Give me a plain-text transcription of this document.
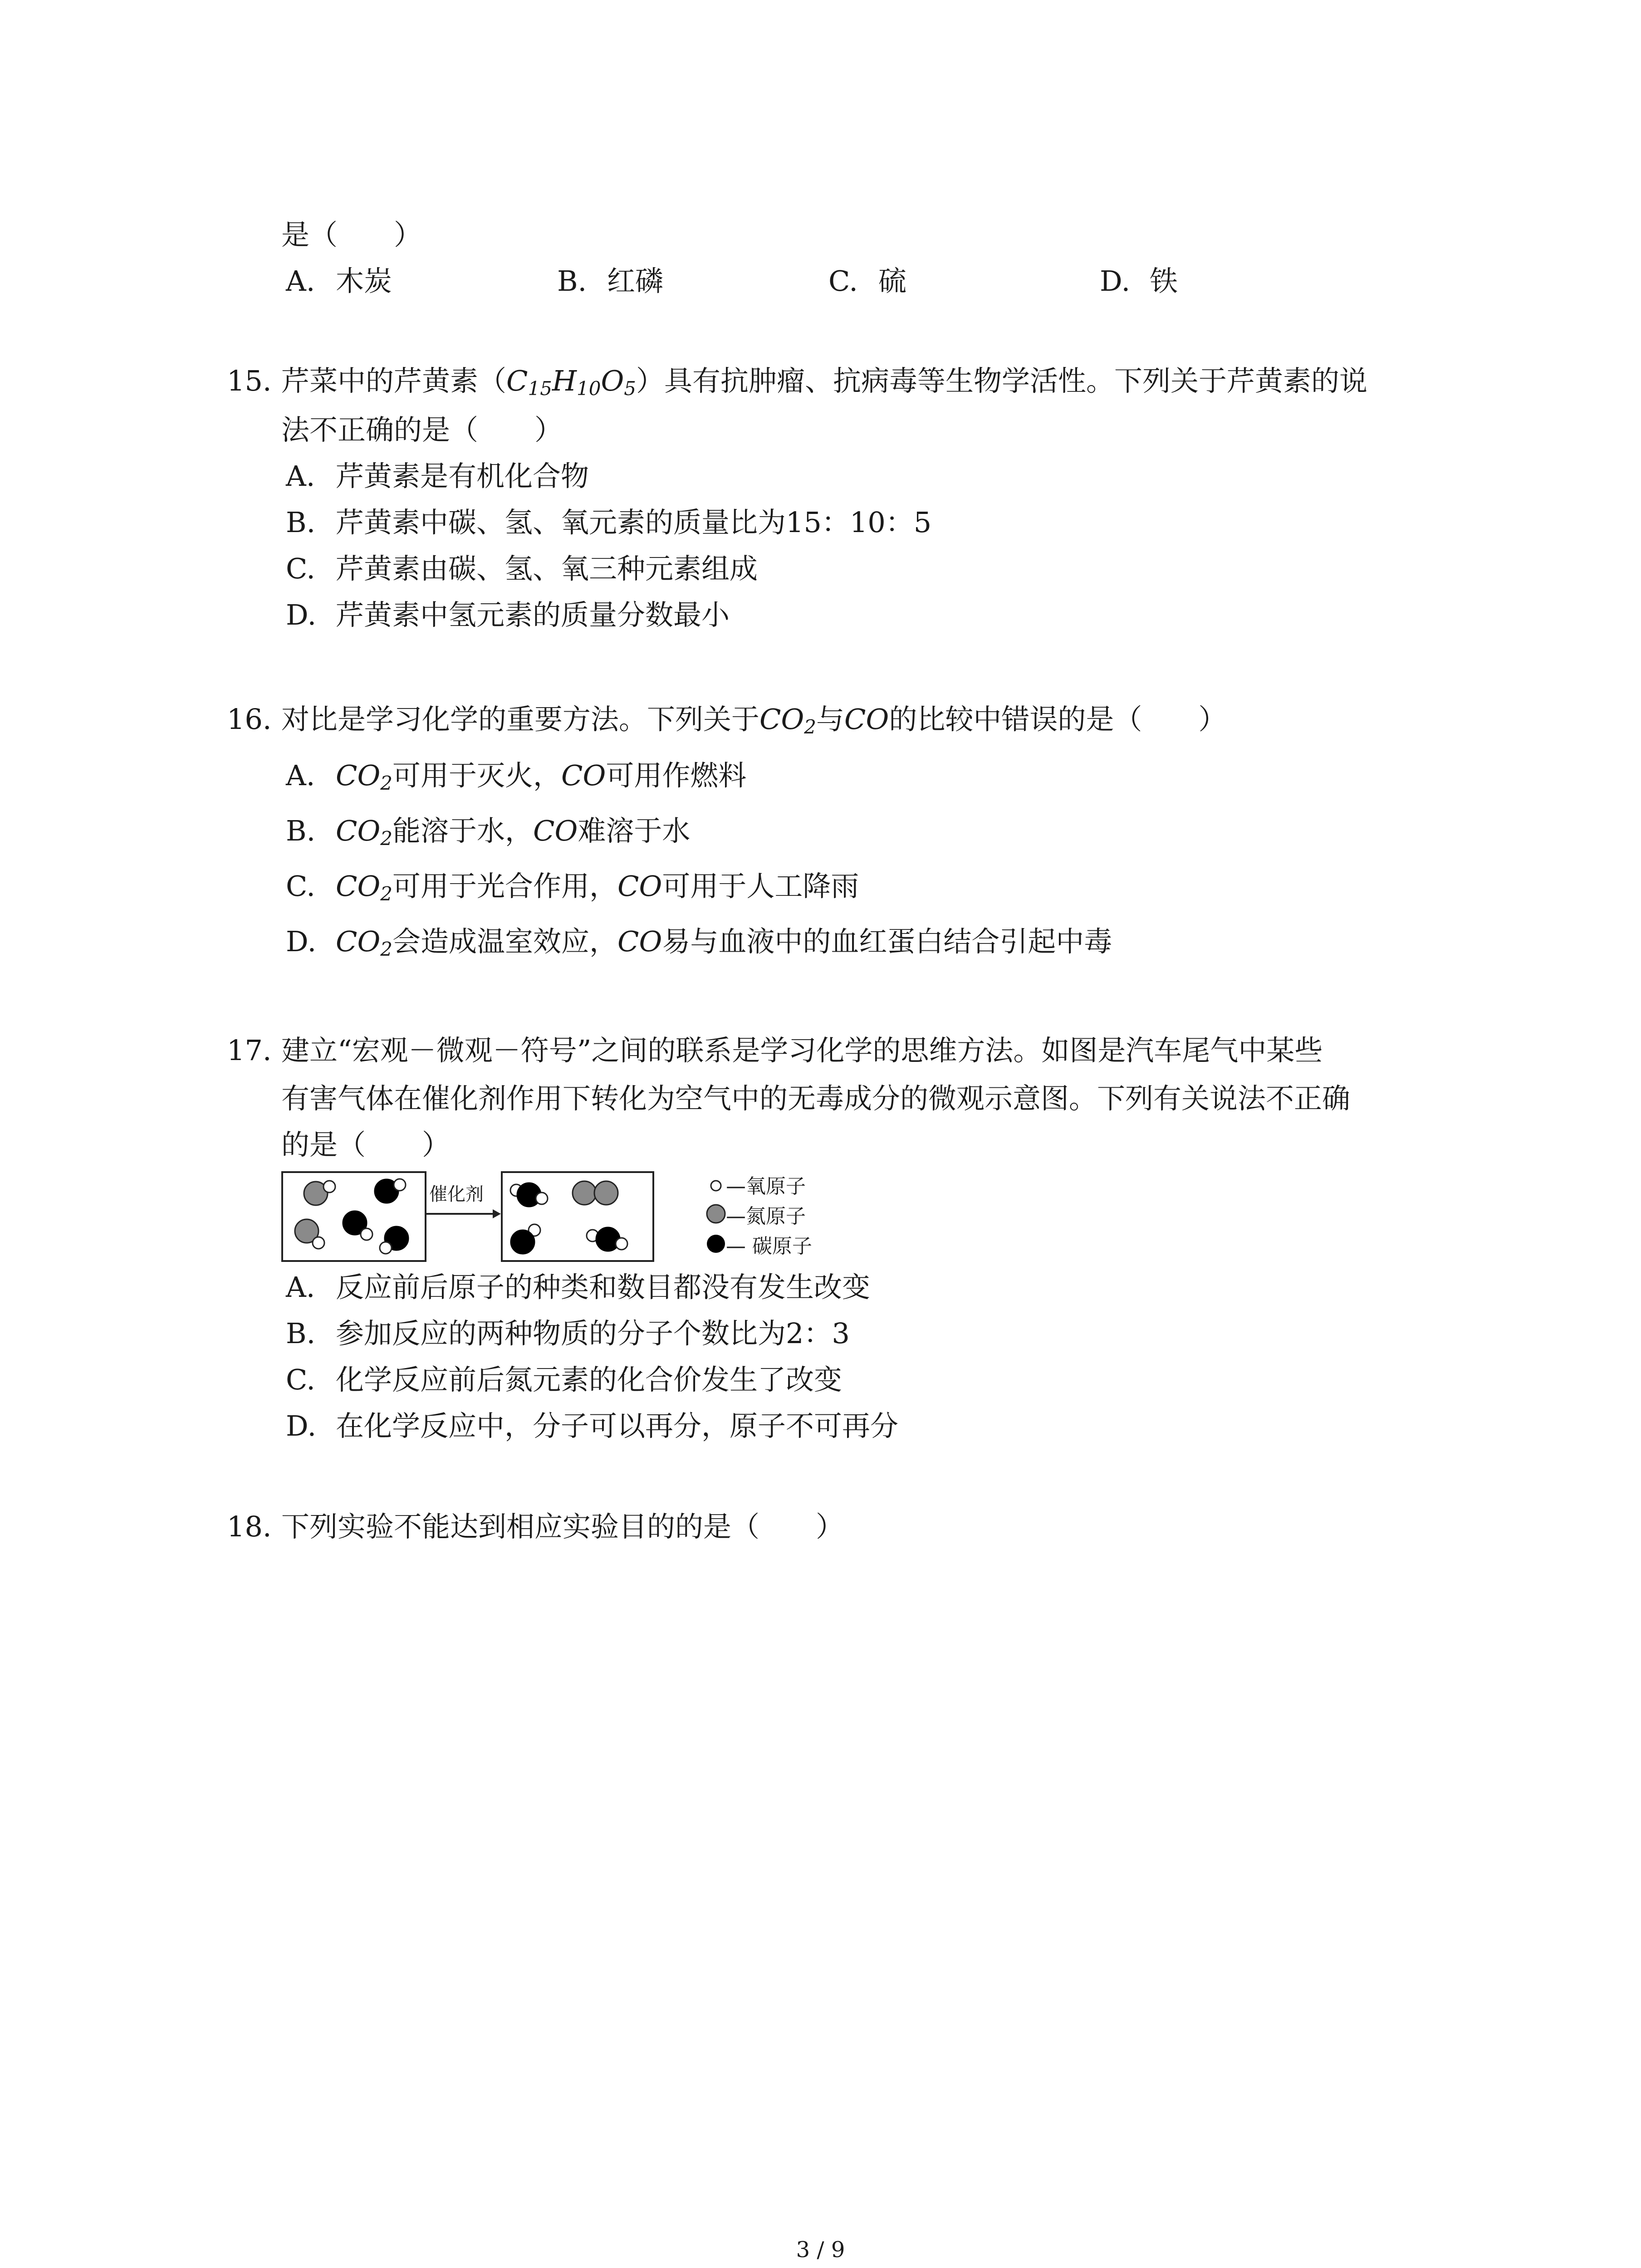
是（　　）
A. 木炭	B. 红磷	C. 硫	D. 铁
15. 芹菜中的芹黄素$(C_{15}H_{10}O_5)$具有抗肿瘤、抗病毒等生物学活性。下列关于芹黄素的说
法不正确的是（　　）
A. 芹黄素是有机化合物
B. 芹黄素中碳、氢、氧元素的质量比为15：10：5
C. 芹黄素由碳、氢、氧三种元素组成
D. 芹黄素中氢元素的质量分数最小
16. 对比是学习化学的重要方法。下列关于$CO_2$与CO的比较中错误的是（　　）
A. $CO_2$可用于灭火，CO可用作燃料
B. $CO_2$能溶于水，CO难溶于水
C. $CO_2$可用于光合作用，CO可用于人工降雨
D. $CO_2$会造成温室效应，CO易与血液中的血红蛋白结合引起中毒
17. 建立“宏观－微观－符号”之间的联系是学习化学的思维方法。如图是汽车尾气中某些
有害气体在催化剂作用下转化为空气中的无毒成分的微观示意图。下列有关说法不正确
的是（　　）
催化剂	—氧原子
—氮原子
— 碳原子
A. 反应前后原子的种类和数目都没有发生改变
B. 参加反应的两种物质的分子个数比为2：3
C. 化学反应前后氮元素的化合价发生了改变
D. 在化学反应中，分子可以再分，原子不可再分
18. 下列实验不能达到相应实验目的的是（　　）
3 / 9
